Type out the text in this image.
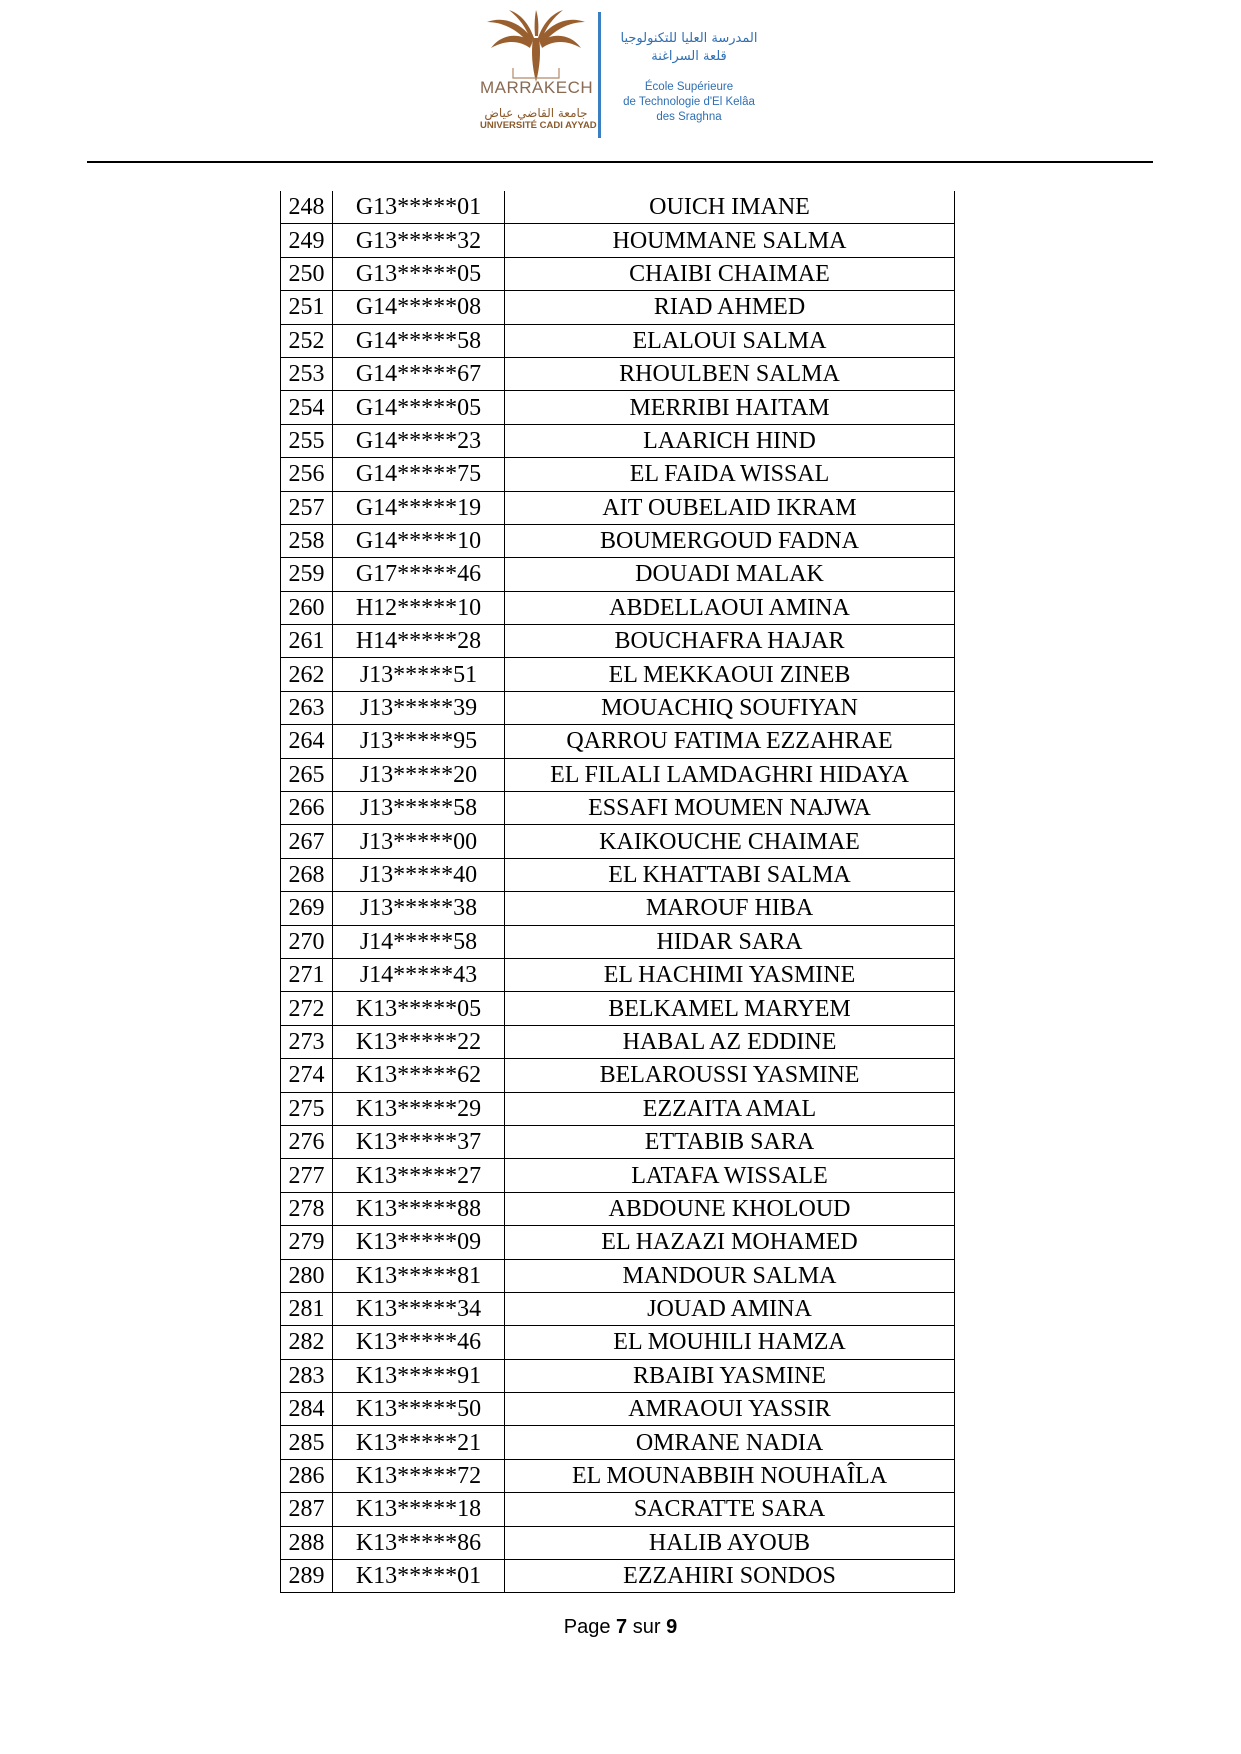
MARRAKECH
جامعة القاضي عياض
UNIVERSITÉ CADI AYYAD
المدرسة العليا للتكنولوجيا
قلعة السراغنة
École Supérieure
de Technologie d'El Kelâa
des Sraghna
248	G13*****01	OUICH IMANE
249	G13*****32	HOUMMANE SALMA
250	G13*****05	CHAIBI CHAIMAE
251	G14*****08	RIAD AHMED
252	G14*****58	ELALOUI SALMA
253	G14*****67	RHOULBEN SALMA
254	G14*****05	MERRIBI HAITAM
255	G14*****23	LAARICH HIND
256	G14*****75	EL FAIDA WISSAL
257	G14*****19	AIT OUBELAID IKRAM
258	G14*****10	BOUMERGOUD FADNA
259	G17*****46	DOUADI MALAK
260	H12*****10	ABDELLAOUI AMINA
261	H14*****28	BOUCHAFRA HAJAR
262	J13*****51	EL MEKKAOUI ZINEB
263	J13*****39	MOUACHIQ SOUFIYAN
264	J13*****95	QARROU FATIMA EZZAHRAE
265	J13*****20	EL FILALI LAMDAGHRI HIDAYA
266	J13*****58	ESSAFI MOUMEN NAJWA
267	J13*****00	KAIKOUCHE CHAIMAE
268	J13*****40	EL KHATTABI SALMA
269	J13*****38	MAROUF HIBA
270	J14*****58	HIDAR SARA
271	J14*****43	EL HACHIMI YASMINE
272	K13*****05	BELKAMEL MARYEM
273	K13*****22	HABAL AZ EDDINE
274	K13*****62	BELAROUSSI YASMINE
275	K13*****29	EZZAITA AMAL
276	K13*****37	ETTABIB SARA
277	K13*****27	LATAFA WISSALE
278	K13*****88	ABDOUNE KHOLOUD
279	K13*****09	EL HAZAZI MOHAMED
280	K13*****81	MANDOUR SALMA
281	K13*****34	JOUAD AMINA
282	K13*****46	EL MOUHILI HAMZA
283	K13*****91	RBAIBI YASMINE
284	K13*****50	AMRAOUI YASSIR
285	K13*****21	OMRANE NADIA
286	K13*****72	EL MOUNABBIH NOUHAÎLA
287	K13*****18	SACRATTE SARA
288	K13*****86	HALIB AYOUB
289	K13*****01	EZZAHIRI SONDOS
Page 7 sur 9
